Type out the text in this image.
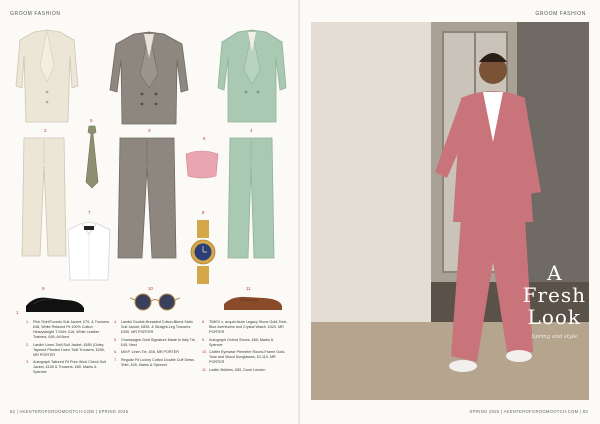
GROOM FASHION
2
5
3
6
4
7	8
9	10	11
1.	Pink Shirt/Tuxedo Suit Jacket, £79, & Trousers £48, White Relaxed Fit 100% Cotton Heavyweight T-Shirt, £16, White Leather Trainers, £69, All Next
2.	Lardini Linen-Twill Suit Jacket, £650 (Oxley Tapered Pleated Linen-Twill Trousers, £250, MR PORTER
3.	Autograph Tailored Fit Pure Wool Check Suit Jacket, £150 & Trousers, £80, Marks & Spencer
4.	Lardini Double-Breasted Cotton-Blend Satin Suit Jacket, £835, & Straight-Leg Trousers, £390, MR PORTER
5.	Champagne Gold Signature Made In Italy Tie, £45, Next
6.	Mill P. Linen Tie, £55, MR PORTER
7.	Regular Fit Luxury Cotton Double Cuff Dress Shirt, £45, Marks & Spencer
8.	TIMEX x, arquet Ashe Legacy Stone Gold-Tone, Blue Aventurine and Crystal Watch, £320, MR PORTER
9.	Autograph Oxford Shoes, £85, Marks & Spencer
10. Cartier Eyewear Première Round-Frame Gold-Tone and Wood Sunglasses, £2,110, MR PORTER
11. Loafer Brûlées, £89, Dune London
1
82 | AKENTEROFGROOMOOTCH.COM | SPRING 2025
GROOM FASHION
SPRING 2025 | AKENTEROFGROOMOOTCH.COM | 83
A
Fresh
Look
Spring and style
